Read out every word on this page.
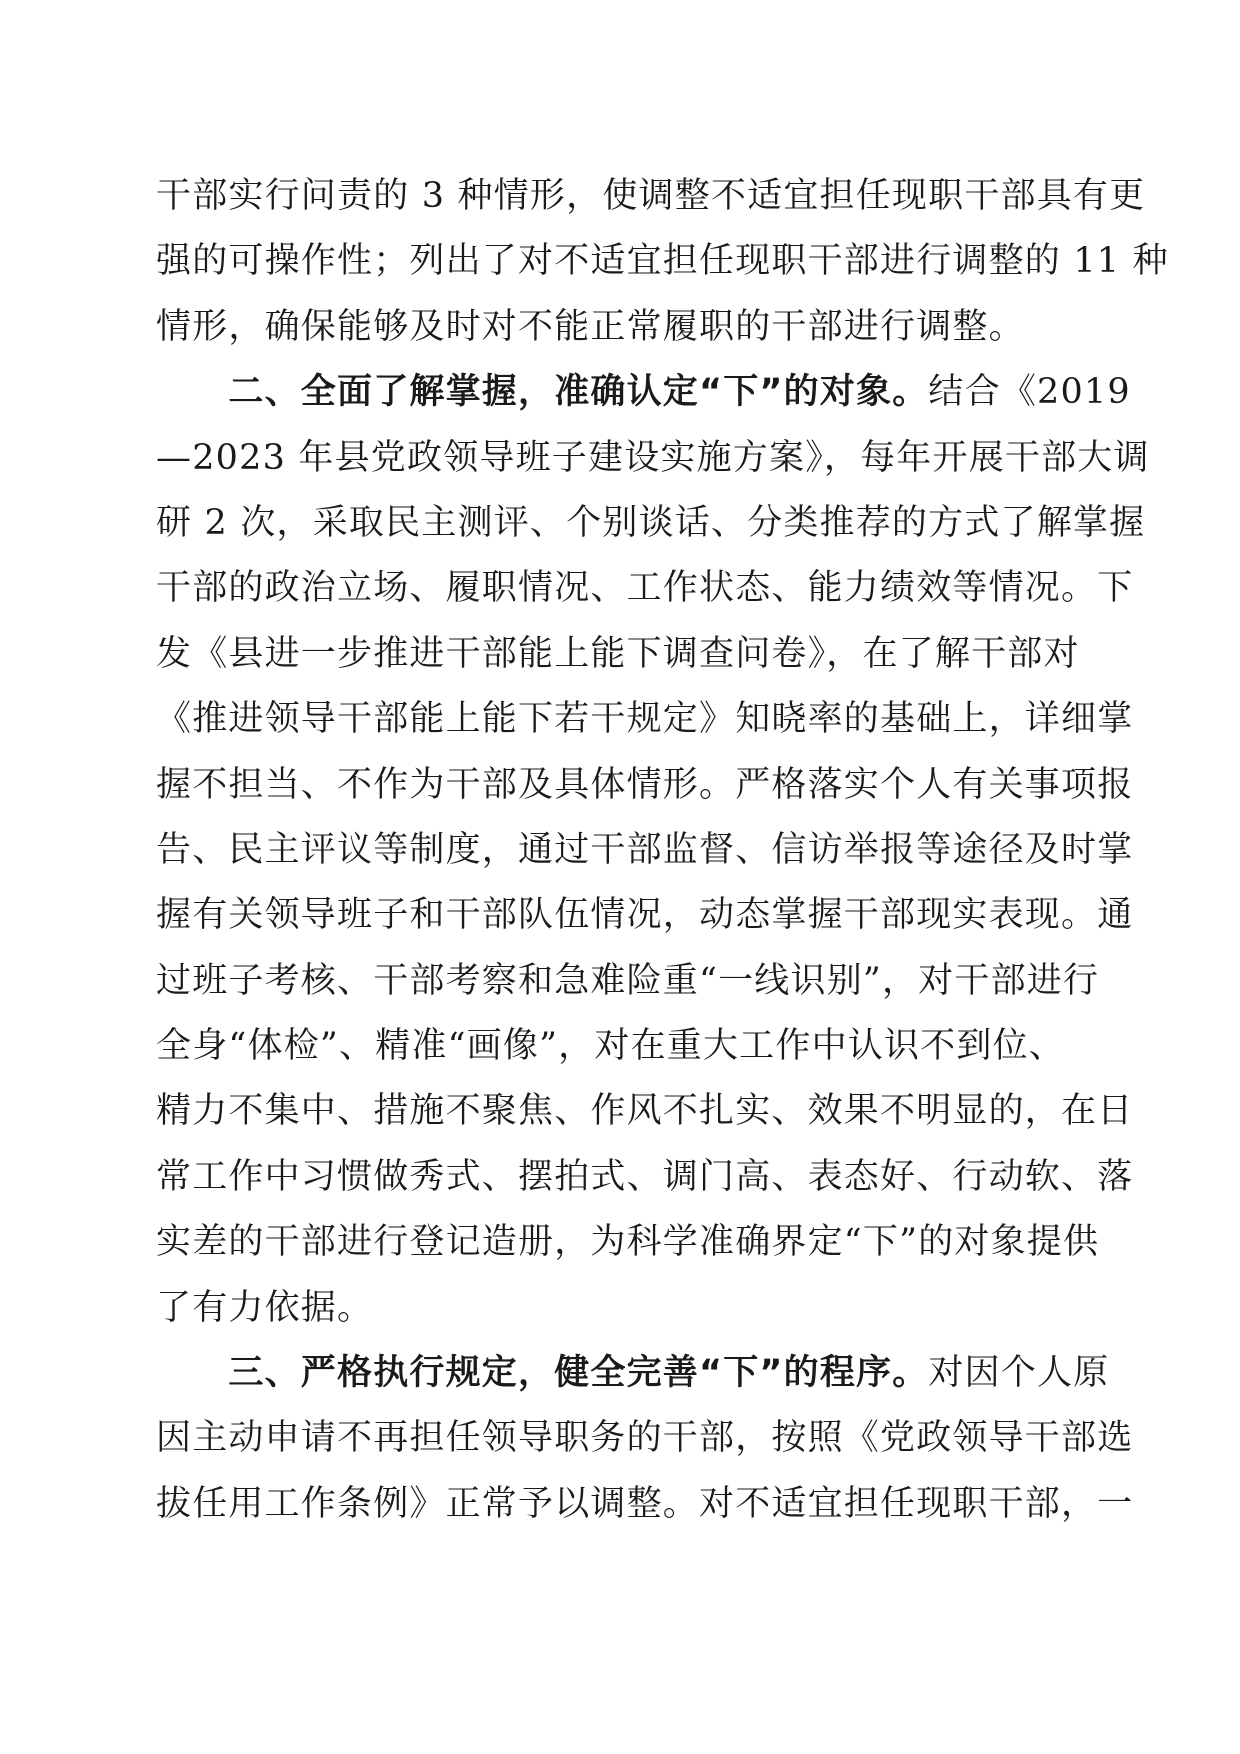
干部实行问责的 3 种情形，使调整不适宜担任现职干部具有更
强的可操作性；列出了对不适宜担任现职干部进行调整的 11 种
情形，确保能够及时对不能正常履职的干部进行调整。
　　二、全面了解掌握，准确认定“下”的对象。结合《2019
—2023 年县党政领导班子建设实施方案》，每年开展干部大调
研 2 次，采取民主测评、个别谈话、分类推荐的方式了解掌握
干部的政治立场、履职情况、工作状态、能力绩效等情况。下
发《县进一步推进干部能上能下调查问卷》，在了解干部对
《推进领导干部能上能下若干规定》知晓率的基础上，详细掌
握不担当、不作为干部及具体情形。严格落实个人有关事项报
告、民主评议等制度，通过干部监督、信访举报等途径及时掌
握有关领导班子和干部队伍情况，动态掌握干部现实表现。通
过班子考核、干部考察和急难险重“一线识别”，对干部进行
全身“体检”、精准“画像”，对在重大工作中认识不到位、
精力不集中、措施不聚焦、作风不扎实、效果不明显的，在日
常工作中习惯做秀式、摆拍式、调门高、表态好、行动软、落
实差的干部进行登记造册，为科学准确界定“下”的对象提供
了有力依据。
　　三、严格执行规定，健全完善“下”的程序。对因个人原
因主动申请不再担任领导职务的干部，按照《党政领导干部选
拔任用工作条例》正常予以调整。对不适宜担任现职干部，一
